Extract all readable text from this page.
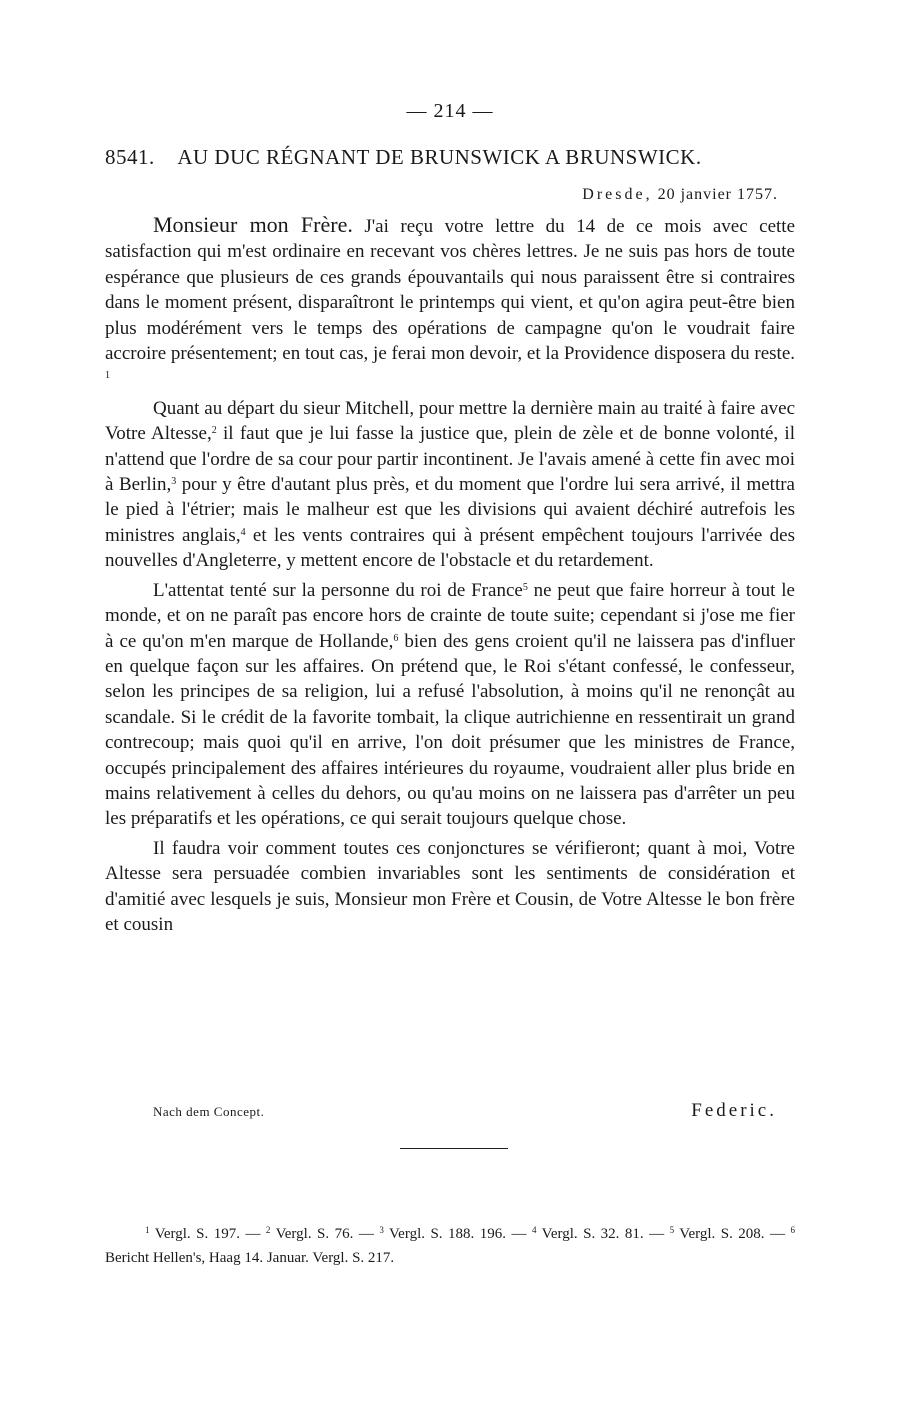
— 214 —
8541. AU DUC RÉGNANT DE BRUNSWICK A BRUNSWICK.
Dresde, 20 janvier 1757.

Monsieur mon Frère. J'ai reçu votre lettre du 14 de ce mois avec cette satisfaction qui m'est ordinaire en recevant vos chères lettres. Je ne suis pas hors de toute espérance que plusieurs de ces grands épouvantails qui nous paraissent être si contraires dans le moment présent, disparaîtront le printemps qui vient, et qu'on agira peut-être bien plus modérément vers le temps des opérations de campagne qu'on le voudrait faire accroire présentement; en tout cas, je ferai mon devoir, et la Providence disposera du reste. $^1$

Quant au départ du sieur Mitchell, pour mettre la dernière main au traité à faire avec Votre Altesse,$^2$ il faut que je lui fasse la justice que, plein de zèle et de bonne volonté, il n'attend que l'ordre de sa cour pour partir incontinent. Je l'avais amené à cette fin avec moi à Berlin,$^3$ pour y être d'autant plus près, et du moment que l'ordre lui sera arrivé, il mettra le pied à l'étrier; mais le malheur est que les divisions qui avaient déchiré autrefois les ministres anglais,$^4$ et les vents contraires qui à présent empêchent toujours l'arrivée des nouvelles d'Angleterre, y mettent encore de l'obstacle et du retardement.

L'attentat tenté sur la personne du roi de France$^5$ ne peut que faire horreur à tout le monde, et on ne paraît pas encore hors de crainte de toute suite; cependant si j'ose me fier à ce qu'on m'en marque de Hollande,$^6$ bien des gens croient qu'il ne laissera pas d'influer en quelque façon sur les affaires. On prétend que, le Roi s'étant confessé, le confesseur, selon les principes de sa religion, lui a refusé l'absolution, à moins qu'il ne renonçât au scandale. Si le crédit de la favorite tombait, la clique autrichienne en ressentirait un grand contrecoup; mais quoi qu'il en arrive, l'on doit présumer que les ministres de France, occupés principalement des affaires intérieures du royaume, voudraient aller plus bride en mains relativement à celles du dehors, ou qu'au moins on ne laissera pas d'arrêter un peu les préparatifs et les opérations, ce qui serait toujours quelque chose.

Il faudra voir comment toutes ces conjonctures se vérifieront; quant à moi, Votre Altesse sera persuadée combien invariables sont les sentiments de considération et d'amitié avec lesquels je suis, Monsieur mon Frère et Cousin, de Votre Altesse le bon frère et cousin

Nach dem Concept.	Federic.
$^1$ Vergl. S. 197. — $^2$ Vergl. S. 76. — $^3$ Vergl. S. 188. 196. — $^4$ Vergl. S. 32. 81. — $^5$ Vergl. S. 208. — $^6$ Bericht Hellen's, Haag 14. Januar. Vergl. S. 217.
